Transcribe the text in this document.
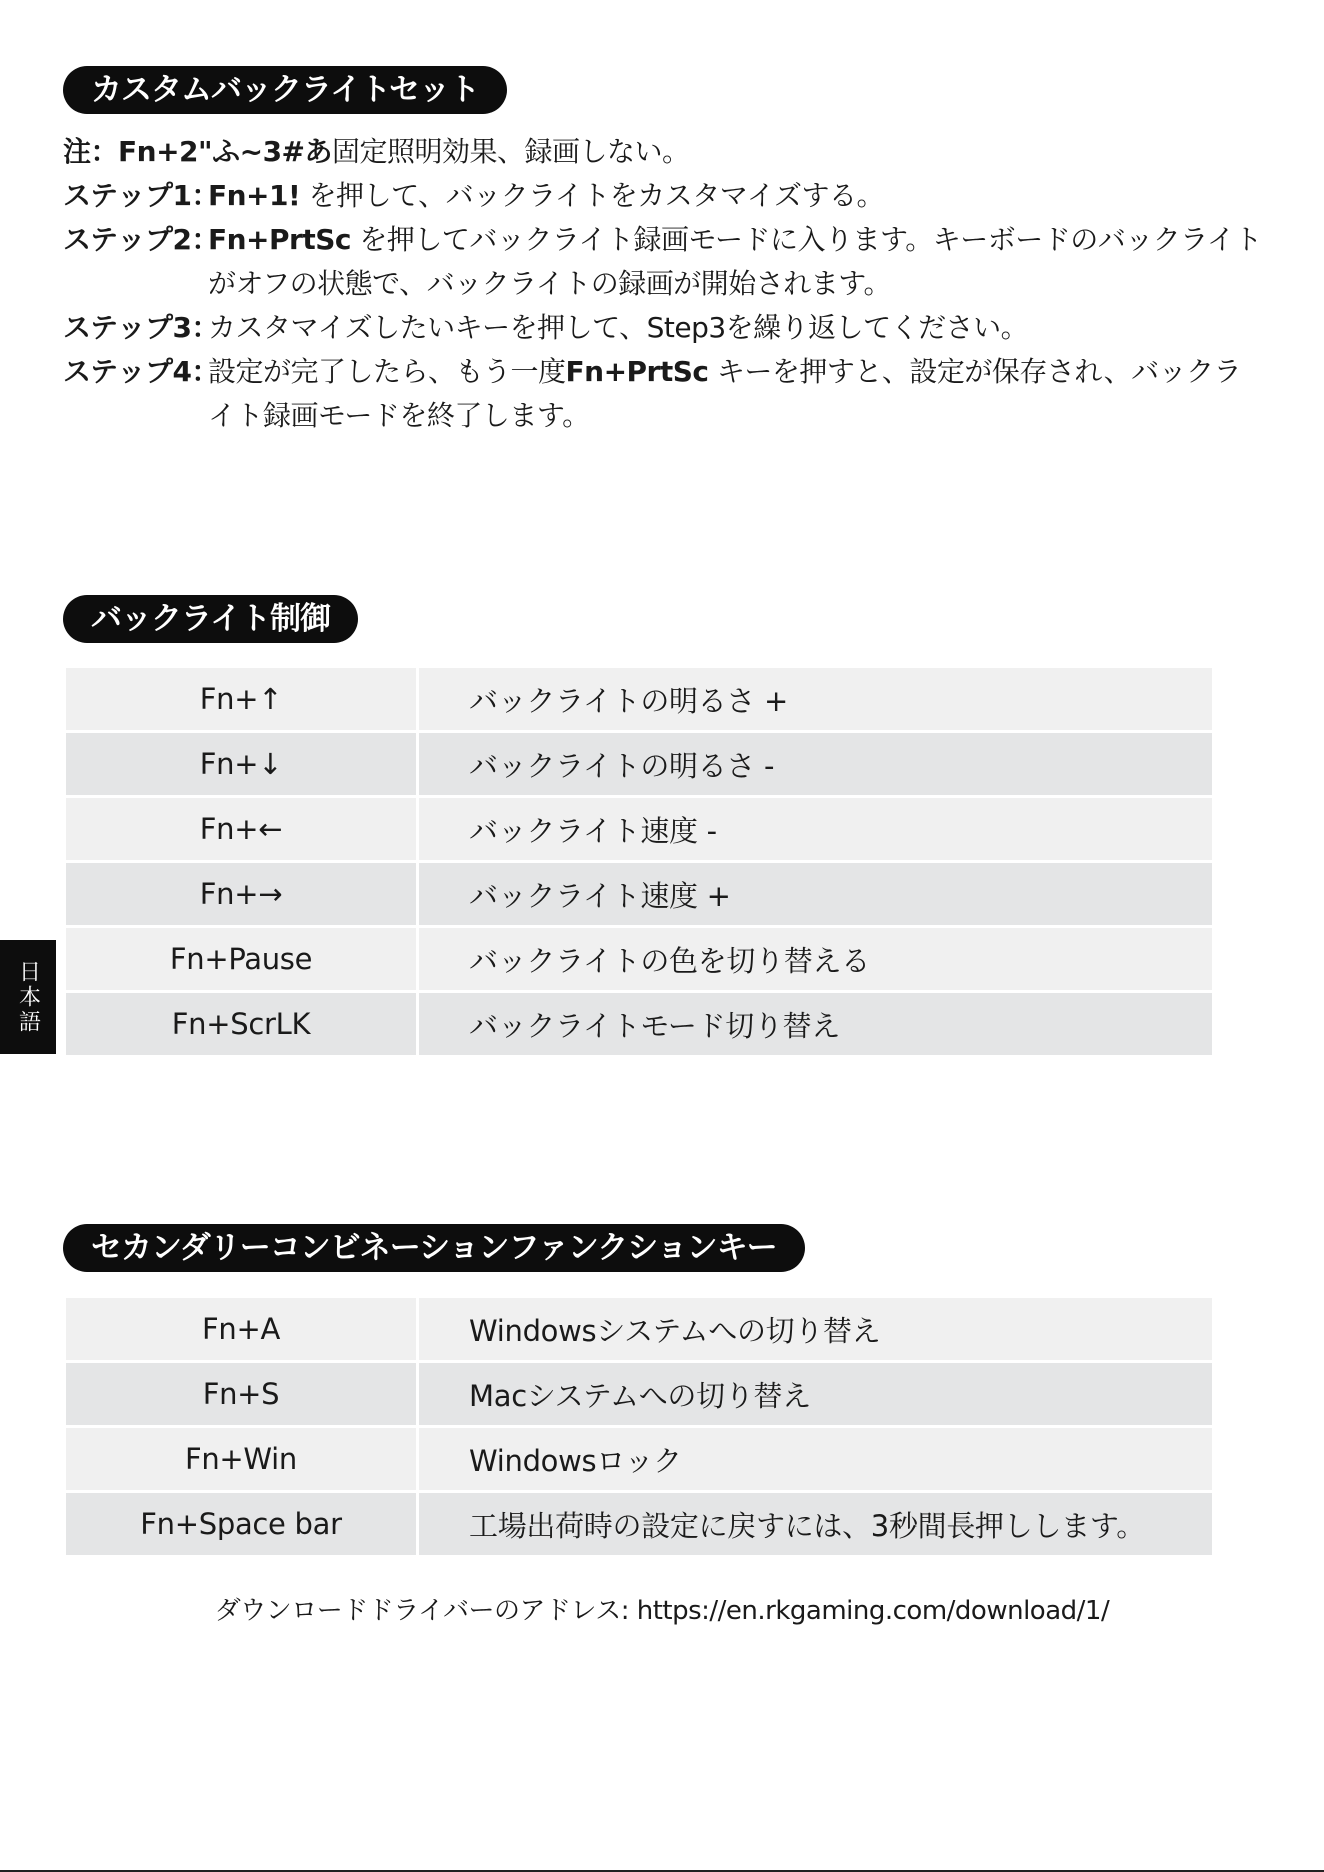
カスタムバックライトセット
注： Fn+2"ふ~3#あ固定照明効果、録画しない。
ステップ1：
Fn+1! を押して、バックライトをカスタマイズする。
ステップ2：
Fn+PrtSc を押してバックライト録画モードに入ります。キーボードのバックライトがオフの状態で、バックライトの録画が開始されます。
ステップ3：
カスタマイズしたいキーを押して、Step3を繰り返してください。
ステップ4：
設定が完了したら、もう一度Fn+PrtSc キーを押すと、設定が保存され、バックライト録画モードを終了します。
バックライト制御
Fn+↑	バックライトの明るさ +
Fn+↓	バックライトの明るさ -
Fn+←	バックライト速度 -
Fn+→	バックライト速度 +
Fn+Pause	バックライトの色を切り替える
Fn+ScrLK	バックライトモード切り替え
セカンダリーコンビネーションファンクションキー
Fn+A	Windowsシステムへの切り替え
Fn+S	Macシステムへの切り替え
Fn+Win	Windowsロック
Fn+Space bar	工場出荷時の設定に戻すには、3秒間長押しします。
ダウンロードドライバーのアドレス: https://en.rkgaming.com/download/1/
日本語
